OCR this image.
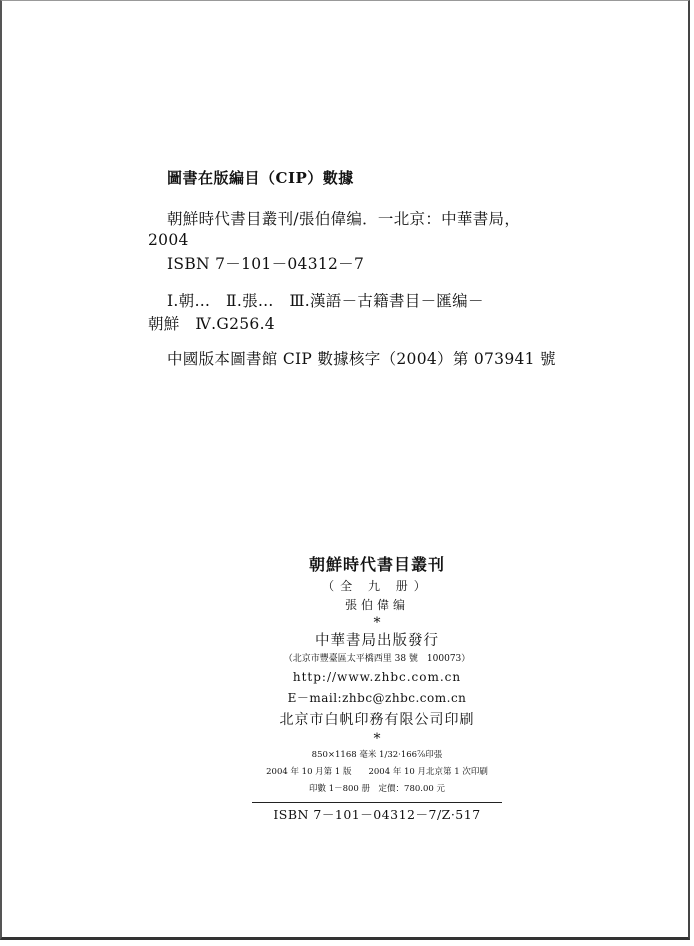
圖書在版編目（CIP）數據
朝鮮時代書目叢刊/張伯偉编．一北京：中華書局，
2004
ISBN 7－101－04312－7
Ⅰ.朝…　Ⅱ.張…　Ⅲ.漢語－古籍書目－匯编－
朝鮮　Ⅳ.G256.4
中國版本圖書館 CIP 數據核字（2004）第 073941 號
朝鮮時代書目叢刊
（全 九 册）
張伯偉编
*
中華書局出版發行
（北京市豐臺區太平橋西里 38 號　100073）
http://www.zhbc.com.cn
E－mail:zhbc@zhbc.com.cn
北京市白帆印務有限公司印刷
*
850×1168 毫米 1/32·166⅞印張
2004 年 10 月第 1 版　　2004 年 10 月北京第 1 次印刷
印數 1－800 册　定價：780.00 元
ISBN 7－101－04312－7/Z·517
